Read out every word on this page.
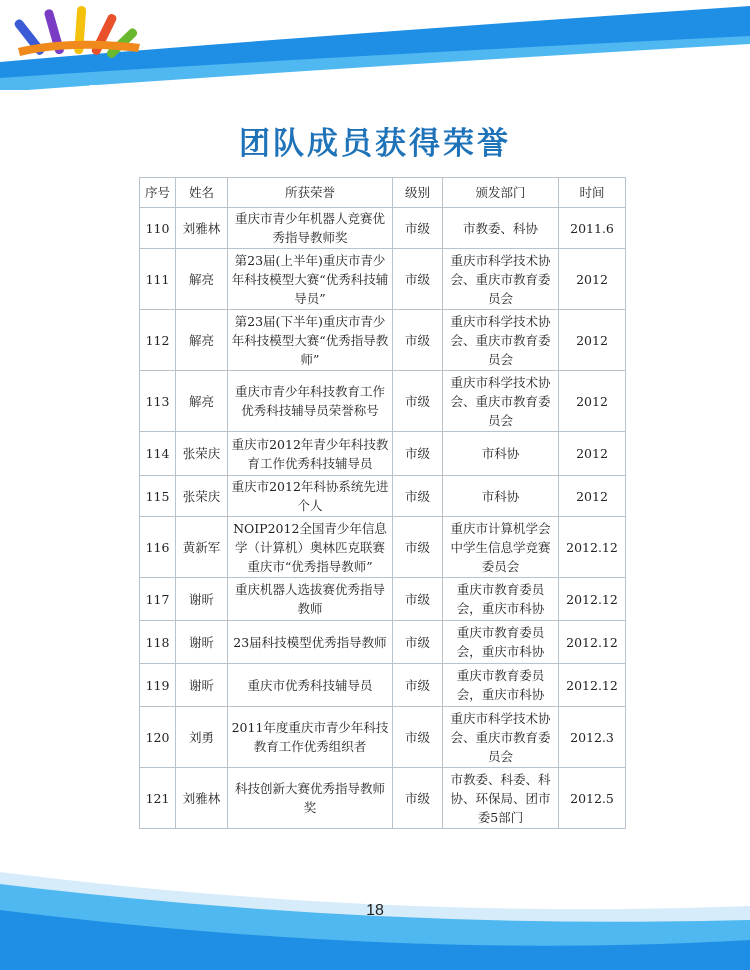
团队成员获得荣誉
序号	姓名	所获荣誉	级别	颁发部门	时间
110	刘雅林	重庆市青少年机器人竞赛优秀指导教师奖	市级	市教委、科协	2011.6
111	解亮	第23届(上半年)重庆市青少年科技模型大赛“优秀科技辅导员”	市级	重庆市科学技术协会、重庆市教育委员会	2012
112	解亮	第23届(下半年)重庆市青少年科技模型大赛“优秀指导教师”	市级	重庆市科学技术协会、重庆市教育委员会	2012
113	解亮	重庆市青少年科技教育工作优秀科技辅导员荣誉称号	市级	重庆市科学技术协会、重庆市教育委员会	2012
114	张荣庆	重庆市2012年青少年科技教育工作优秀科技辅导员	市级	市科协	2012
115	张荣庆	重庆市2012年科协系统先进个人	市级	市科协	2012
116	黄新军	NOIP2012全国青少年信息学（计算机）奥林匹克联赛重庆市“优秀指导教师”	市级	重庆市计算机学会中学生信息学竞赛委员会	2012.12
117	谢昕	重庆机器人选拔赛优秀指导教师	市级	重庆市教育委员会，重庆市科协	2012.12
118	谢昕	23届科技模型优秀指导教师	市级	重庆市教育委员会，重庆市科协	2012.12
119	谢昕	重庆市优秀科技辅导员	市级	重庆市教育委员会，重庆市科协	2012.12
120	刘勇	2011年度重庆市青少年科技教育工作优秀组织者	市级	重庆市科学技术协会、重庆市教育委员会	2012.3
121	刘雅林	科技创新大赛优秀指导教师奖	市级	市教委、科委、科协、环保局、团市委5部门	2012.5
18
